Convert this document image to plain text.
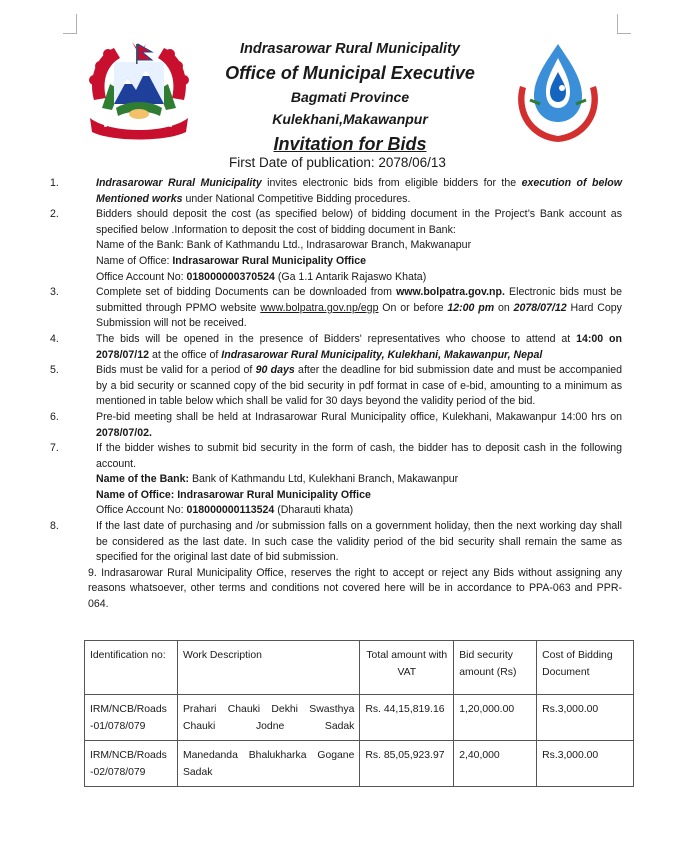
Indrasarowar Rural Municipality
Office of Municipal Executive
Bagmati Province
Kulekhani,Makawanpur
Invitation for Bids
First Date of publication: 2078/06/13
1.	Indrasarowar Rural Municipality invites electronic bids from eligible bidders for the execution of below Mentioned works under National Competitive Bidding procedures.
2.	Bidders should deposit the cost (as specified below) of bidding document in the Project’s Bank account as specified below .Information to deposit the cost of bidding document in Bank:
Name of the Bank: Bank of Kathmandu Ltd., Indrasarowar Branch, Makwanapur
Name of Office: Indrasarowar Rural Municipality Office
Office Account No: 018000000370524 (Ga 1.1 Antarik Rajaswo Khata)
3.	Complete set of bidding Documents can be downloaded from www.bolpatra.gov.np. Electronic bids must be submitted through PPMO website www.bolpatra.gov.np/egp On or before 12:00 pm on 2078/07/12 Hard Copy Submission will not be received.
4.	The bids will be opened in the presence of Bidders' representatives who choose to attend at 14:00 on 2078/07/12 at the office of Indrasarowar Rural Municipality, Kulekhani, Makawanpur, Nepal
5.	Bids must be valid for a period of 90 days after the deadline for bid submission date and must be accompanied by a bid security or scanned copy of the bid security in pdf format in case of e-bid, amounting to a minimum as mentioned in table below which shall be valid for 30 days beyond the validity period of the bid.
6.	Pre-bid meeting shall be held at Indrasarowar Rural Municipality office, Kulekhani, Makawanpur 14:00 hrs on 2078/07/02.
7.	If the bidder wishes to submit bid security in the form of cash, the bidder has to deposit cash in the following account.
Name of the Bank: Bank of Kathmandu Ltd, Kulekhani Branch, Makawanpur
Name of Office: Indrasarowar Rural Municipality Office
Office Account No: 018000000113524 (Dharauti khata)
8.	If the last date of purchasing and /or submission falls on a government holiday, then the next working day shall be considered as the last date. In such case the validity period of the bid security shall remain the same as specified for the original last date of bid submission.
9. Indrasarowar Rural Municipality Office, reserves the right to accept or reject any Bids without assigning any reasons whatsoever, other terms and conditions not covered here will be in accordance to PPA-063 and PPR-064.
Identification no:	Work Description	Total amount with VAT	Bid security amount (Rs)	Cost of Bidding Document
IRM/NCB/Roads -01/078/079	Prahari Chauki Dekhi Swasthya Chauki Jodne Sadak	Rs. 44,15,819.16	1,20,000.00	Rs.3,000.00
IRM/NCB/Roads -02/078/079	Manedanda Bhalukharka Gogane Sadak	Rs. 85,05,923.97	2,40,000	Rs.3,000.00
